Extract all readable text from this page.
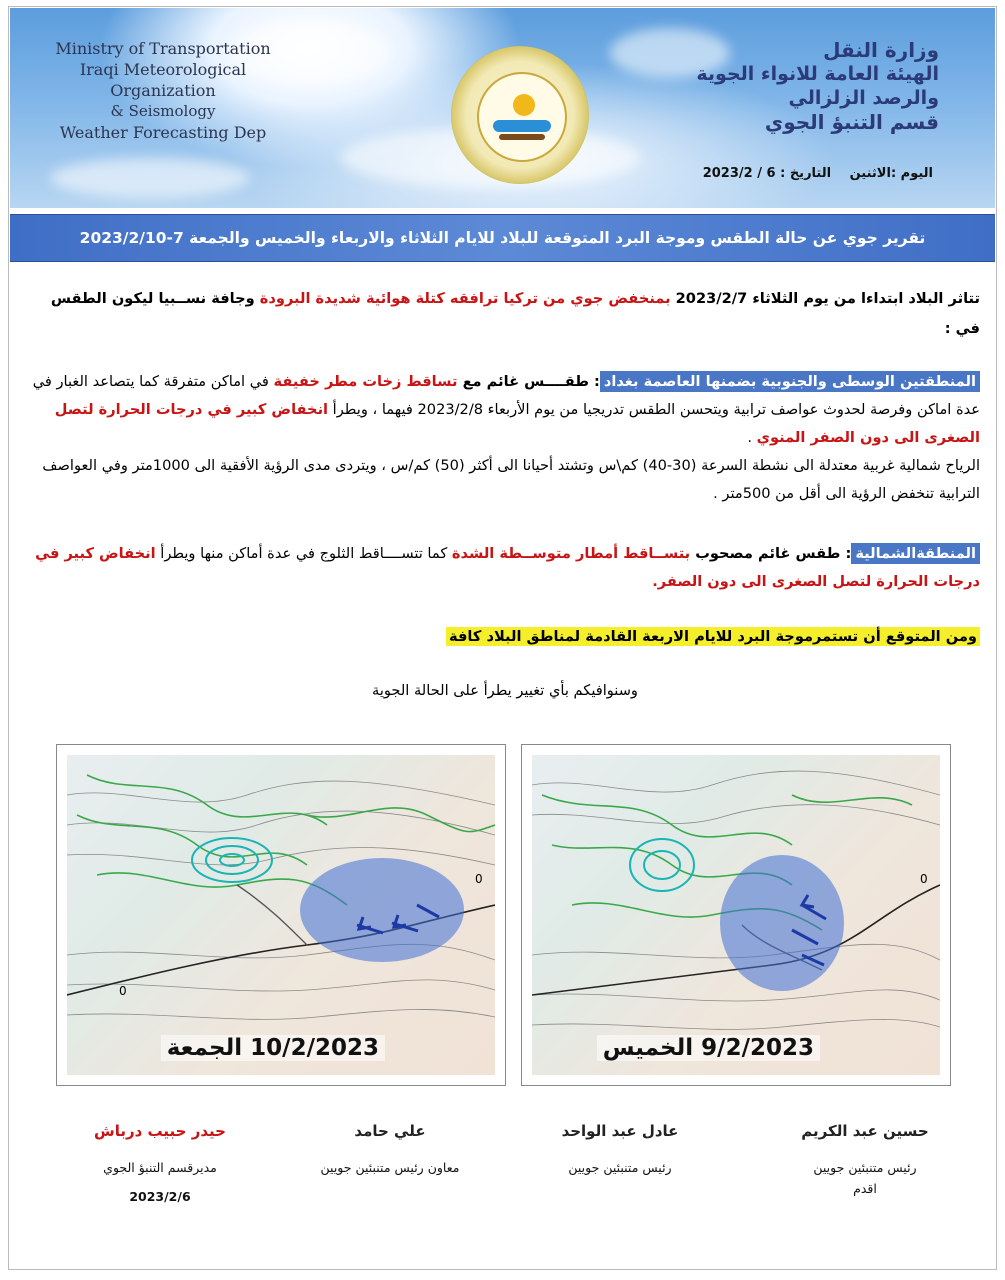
Ministry of Transportation
Iraqi Meteorological Organization
& Seismology
Weather Forecasting Dep
وزارة النقل
الهيئة العامة للانواء الجوية
والرصد الزلزالي
قسم التنبؤ الجوي
اليوم :الاثنين التاريخ : 6 / 2023/2
تقرير جوي عن حالة الطقس وموجة البرد المتوقعة للبلاد للايام الثلاثاء والاربعاء والخميس والجمعة 7-2023/2/10
تتاثر البلاد ابتداءا من يوم الثلاثاء 2023/2/7 بمنخفض جوي من تركيا ترافقه كتلة هوائية شديدة البرودة وجافة نســبيا ليكون الطقس في :

المنطقتين الوسطى والجنوبية بضمنها العاصمة بغداد: طقــــس غائم مع تساقط زخات مطر خفيفة في اماكن متفرقة كما يتصاعد الغبار في عدة اماكن وفرصة لحدوث عواصف ترابية ويتحسن الطقس تدريجيا من يوم الأربعاء 2023/2/8 فيهما ، ويطرأ انخفاض كبير في درجات الحرارة لتصل الصغرى الى دون الصفر المنوي .

الرياح شمالية غربية معتدلة الى نشطة السرعة (30-40) كم\س وتشتد أحيانا الى أكثر (50) كم/س ، ويتردى مدى الرؤية الأفقية الى 1000متر وفي العواصف الترابية تنخفض الرؤية الى أقل من 500متر .

المنطقةالشمالية: طقس غائم مصحوب بتســاقط أمطار متوســطة الشدة كما تتســــاقط الثلوج في عدة أماكن منها ويطرأ انخفاض كبير في درجات الحرارة لتصل الصغرى الى دون الصفر.
ومن المتوقع أن تستمرموجة البرد للايام الاربعة القادمة لمناطق البلاد كافة
وسنوافيكم بأي تغيير يطرأ على الحالة الجوية
0
0
10/2/2023 الجمعة
0
9/2/2023 الخميس
حيدر حبيب درباش
مديرقسم التنبؤ الجوي
2023/2/6
علي حامد
معاون رئيس متنبئين جويين
عادل عبد الواحد
رئيس متنبئين جويين
حسين عبد الكريم
رئيس متنبئين جويين
اقدم
